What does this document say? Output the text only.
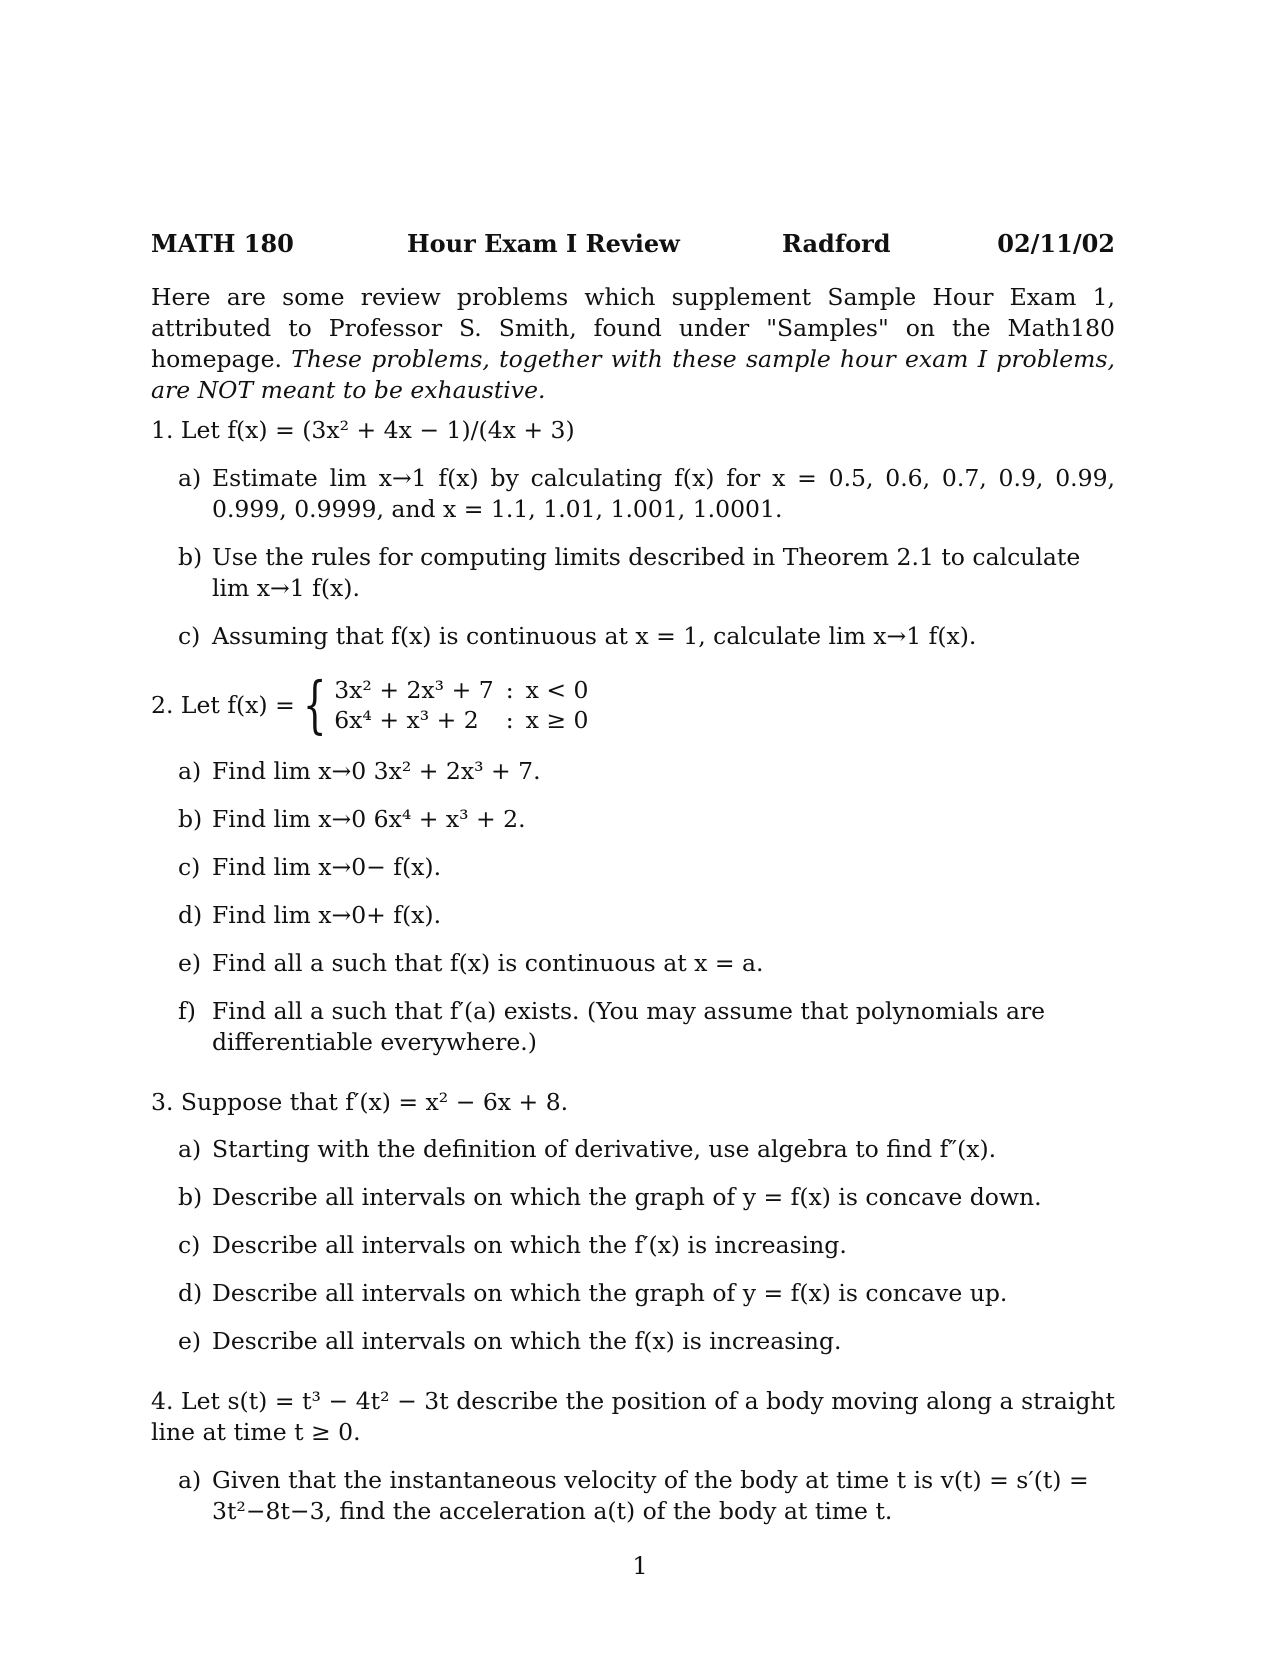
MATH 180	Hour Exam I Review	Radford	02/11/02
Here are some review problems which supplement Sample Hour Exam 1, attributed to Professor S. Smith, found under "Samples" on the Math180 homepage. These problems, together with these sample hour exam I problems, are NOT meant to be exhaustive.
1. Let f(x) = (3x² + 4x − 1)/(4x + 3)
a) Estimate lim x→1 f(x) by calculating f(x) for x = 0.5, 0.6, 0.7, 0.9, 0.99, 0.999, 0.9999, and x = 1.1, 1.01, 1.001, 1.0001.
b) Use the rules for computing limits described in Theorem 2.1 to calculate lim x→1 f(x).
c) Assuming that f(x) is continuous at x = 1, calculate lim x→1 f(x).
2. Let f(x) = { 3x² + 2x³ + 7	:	x < 0
6x⁴ + x³ + 2	:	x ≥ 0
a) Find lim x→0 3x² + 2x³ + 7.
b) Find lim x→0 6x⁴ + x³ + 2.
c) Find lim x→0− f(x).
d) Find lim x→0+ f(x).
e) Find all a such that f(x) is continuous at x = a.
f) Find all a such that f′(a) exists. (You may assume that polynomials are differentiable everywhere.)
3. Suppose that f′(x) = x² − 6x + 8.
a) Starting with the definition of derivative, use algebra to find f″(x).
b) Describe all intervals on which the graph of y = f(x) is concave down.
c) Describe all intervals on which the f′(x) is increasing.
d) Describe all intervals on which the graph of y = f(x) is concave up.
e) Describe all intervals on which the f(x) is increasing.
4. Let s(t) = t³ − 4t² − 3t describe the position of a body moving along a straight line at time t ≥ 0.
a) Given that the instantaneous velocity of the body at time t is v(t) = s′(t) = 3t²−8t−3, find the acceleration a(t) of the body at time t.
1
